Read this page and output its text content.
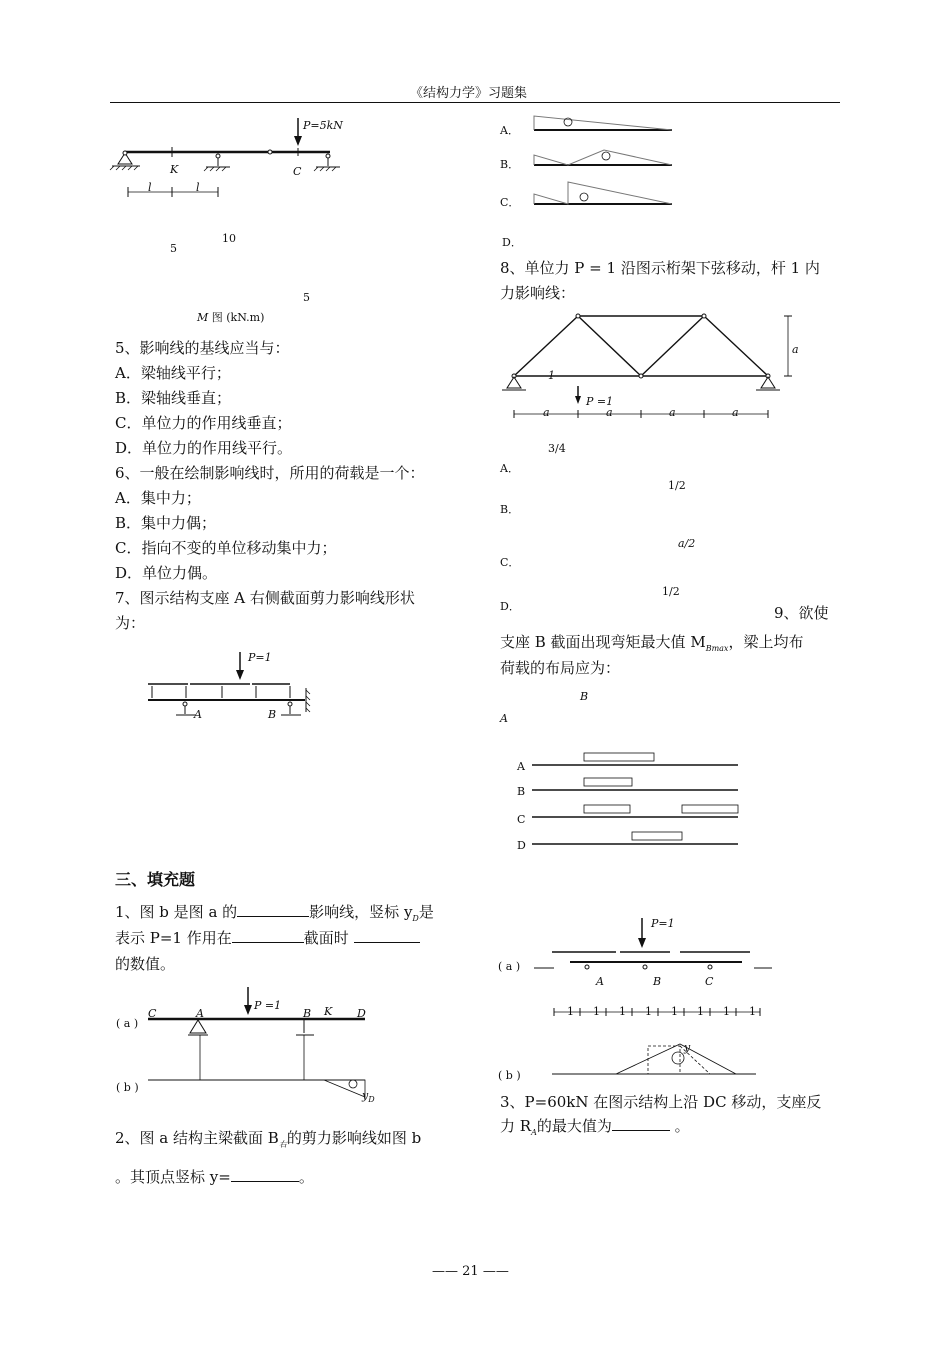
《结构力学》习题集
P=5kN
K	C
l	l
10
5
5
M 图 (kN.m)
5、影响线的基线应当与：
A．梁轴线平行；
B．梁轴线垂直；
C．单位力的作用线垂直；
D．单位力的作用线平行。
6、一般在绘制影响线时，所用的荷载是一个：
A．集中力；
B．集中力偶；
C．指向不变的单位移动集中力；
D．单位力偶。
7、图示结构支座 A 右侧截面剪力影响线形状
为：
P=1
A	B
三、填充题
1、图 b 是图 a 的	影响线，竖标 $y_D$是
表示 P=1 作用在	截面时
的数值。
( a )
( b )
C	A
P =1
B K D
$y_D$
2、图 a 结构主梁截面 $B_右$的剪力影响线如图 b
。其顶点竖标 y=	。
A．
B．
C．
D．
8、单位力 P = 1 沿图示桁架下弦移动，杆 1 内
力影响线：
a
1
P =1
a	a	a	a
3/4
A．
1/2
B．
a/2
C．
1/2
D．	9、欲使
支座 B 截面出现弯矩最大值 $M_{Bmax}$，梁上均布
荷载的布局应为：
B
A
A
B
C
D
P=1
( a )
A	B	C
1 1 1 1 1 1 1 1
y
( b )
3、P=60kN 在图示结构上沿 DC 移动，支座反
力 $R_A$的最大值为	。
—— 21 ——
